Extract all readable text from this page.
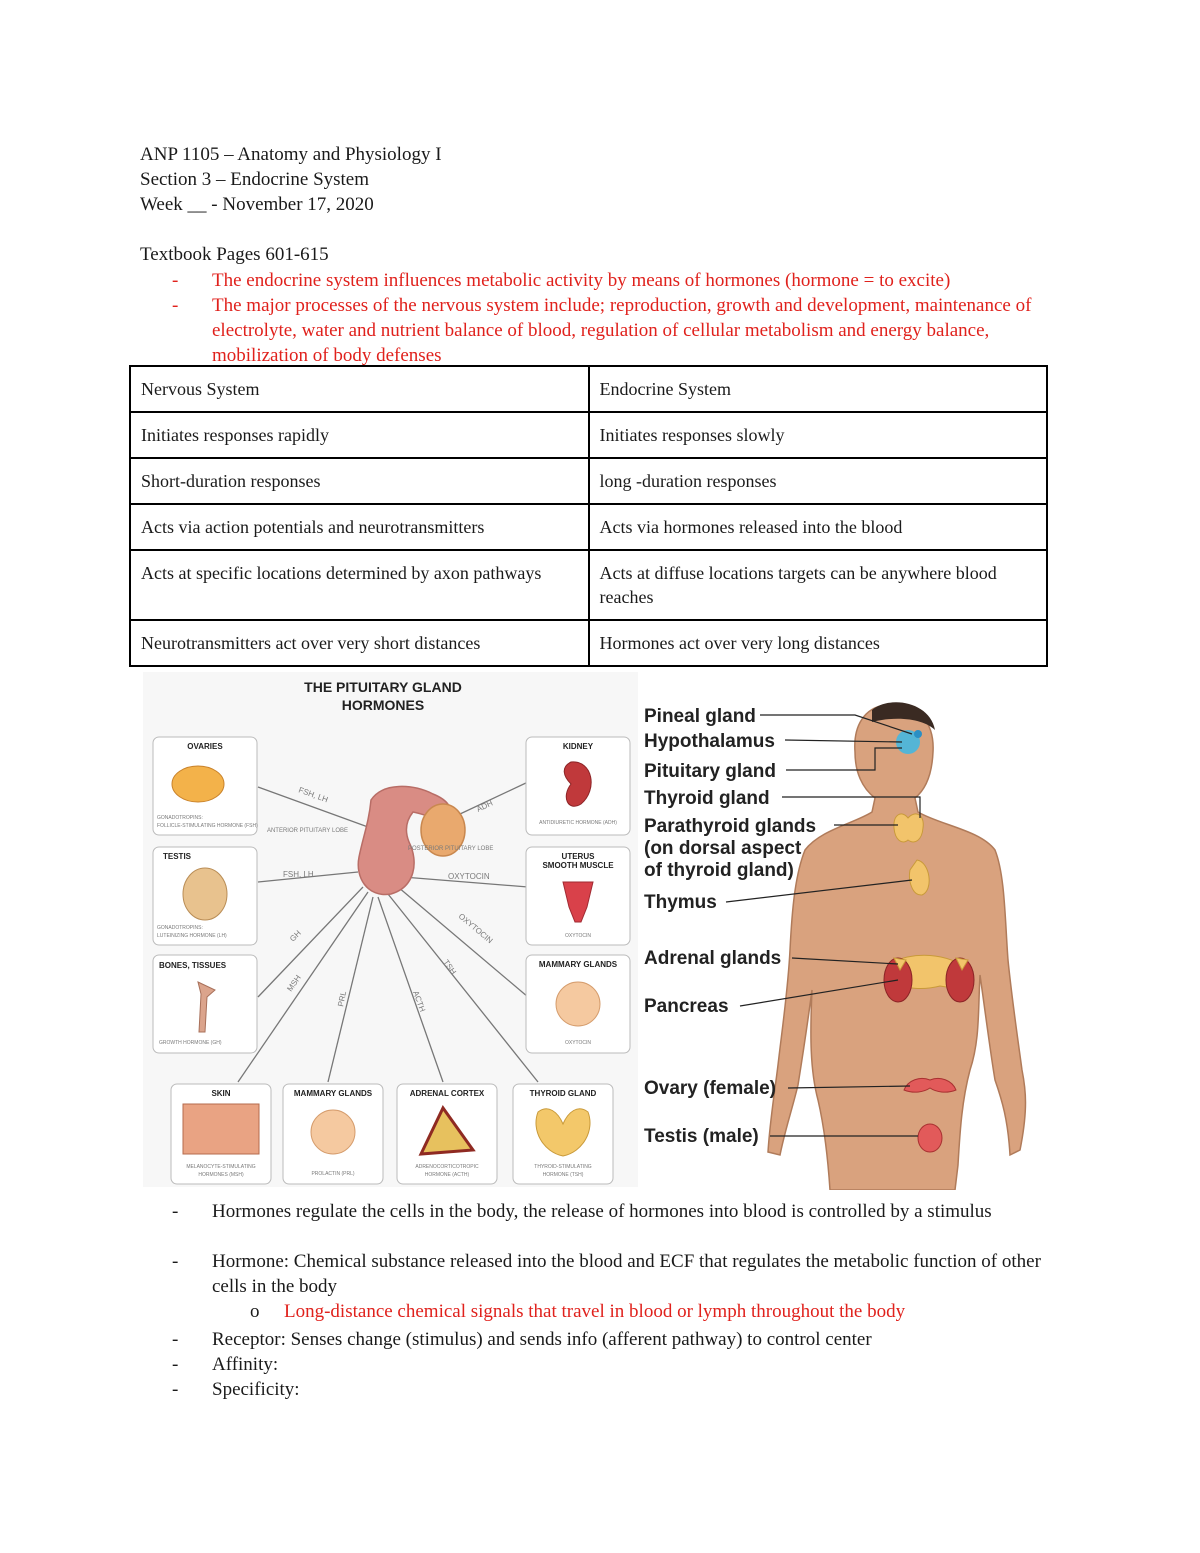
ANP 1105 – Anatomy and Physiology I
Section 3 – Endocrine System
Week __ - November 17, 2020
Textbook Pages 601-615
- The endocrine system influences metabolic activity by means of hormones (hormone = to excite)
- The major processes of the nervous system include; reproduction, growth and development, maintenance of electrolyte, water and nutrient balance of blood, regulation of cellular metabolism and energy balance, mobilization of body defenses
Nervous System	Endocrine System
Initiates responses rapidly	Initiates responses slowly
Short-duration responses	long -duration responses
Acts via action potentials and neurotransmitters	Acts via hormones released into the blood
Acts at specific locations determined by axon pathways	Acts at diffuse locations targets can be anywhere blood reaches
Neurotransmitters act over very short distances	Hormones act over very long distances
THE PITUITARY GLAND
HORMONES
FSH, LH
FSH, LH
GH
MSH
PRL	ACTH
TSH
OXYTOCIN
OXYTOCIN
ADH
ANTERIOR PITUITARY LOBE
POSTERIOR PITUITARY LOBE
OVARIES
GONADOTROPINS:
FOLLICLE-STIMULATING HORMONE (FSH)
TESTIS
GONADOTROPINS:
LUTEINIZING HORMONE (LH)
BONES, TISSUES
GROWTH HORMONE (GH)
KIDNEY
ANTIDIURETIC HORMONE (ADH)
UTERUS
SMOOTH MUSCLE
OXYTOCIN
MAMMARY GLANDS
OXYTOCIN
SKIN
MELANOCYTE-STIMULATING
HORMONES (MSH)
MAMMARY GLANDS
PROLACTIN (PRL)
ADRENAL CORTEX
ADRENOCORTICOTROPIC
HORMONE (ACTH)
THYROID GLAND
THYROID-STIMULATING
HORMONE (TSH)
Pineal gland
Hypothalamus
Pituitary gland
Thyroid gland
Parathyroid glands
(on dorsal aspect
of thyroid gland)
Thymus
Adrenal glands
Pancreas
Ovary (female)
Testis (male)
- Hormones regulate the cells in the body, the release of hormones into blood is controlled by a stimulus
- Hormone: Chemical substance released into the blood and ECF that regulates the metabolic function of other cells in the body
o Long-distance chemical signals that travel in blood or lymph throughout the body
- Receptor: Senses change (stimulus) and sends info (afferent pathway) to control center
- Affinity:
- Specificity:
